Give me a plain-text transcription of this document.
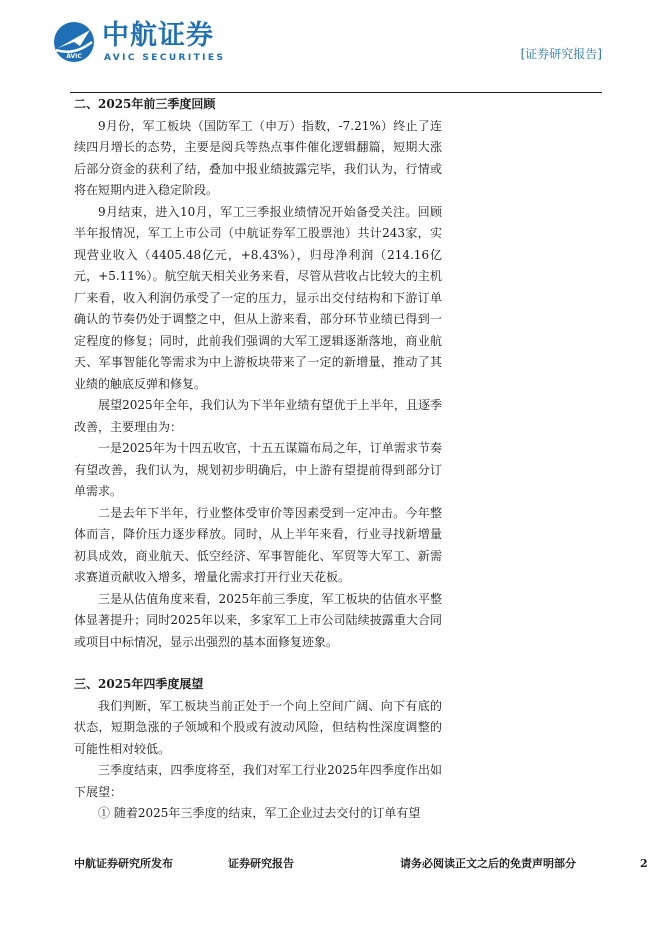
AVIC
中航证券
AVIC SECURITIES	[证券研究报告]
二、2025年前三季度回顾

9月份，军工板块（国防军工（申万）指数，-7.21%）终止了连续四月增长的态势，主要是阅兵等热点事件催化逻辑翻篇，短期大涨后部分资金的获利了结，叠加中报业绩披露完毕，我们认为，行情或将在短期内进入稳定阶段。

9月结束，进入10月，军工三季报业绩情况开始备受关注。回顾半年报情况，军工上市公司（中航证券军工股票池）共计243家，实现营业收入（4405.48亿元，+8.43%），归母净利润（214.16亿元，+5.11%）。航空航天相关业务来看，尽管从营收占比较大的主机厂来看，收入利润仍承受了一定的压力，显示出交付结构和下游订单确认的节奏仍处于调整之中，但从上游来看，部分环节业绩已得到一定程度的修复；同时，此前我们强调的大军工逻辑逐渐落地，商业航天、军事智能化等需求为中上游板块带来了一定的新增量，推动了其业绩的触底反弹和修复。

展望2025年全年，我们认为下半年业绩有望优于上半年，且逐季改善，主要理由为：

一是2025年为十四五收官，十五五谋篇布局之年，订单需求节奏有望改善，我们认为，规划初步明确后，中上游有望提前得到部分订单需求。

二是去年下半年，行业整体受审价等因素受到一定冲击。今年整体而言，降价压力逐步释放。同时，从上半年来看，行业寻找新增量初具成效，商业航天、低空经济、军事智能化、军贸等大军工、新需求赛道贡献收入增多，增量化需求打开行业天花板。

三是从估值角度来看，2025年前三季度，军工板块的估值水平整体显著提升；同时2025年以来，多家军工上市公司陆续披露重大合同或项目中标情况，显示出强烈的基本面修复迹象。

三、2025年四季度展望

我们判断，军工板块当前正处于一个向上空间广阔、向下有底的状态，短期急涨的子领域和个股或有波动风险，但结构性深度调整的可能性相对较低。

三季度结束，四季度将至，我们对军工行业2025年四季度作出如下展望：

① 随着2025年三季度的结束，军工企业过去交付的订单有望

中航证券研究所发布	证券研究报告	请务必阅读正文之后的免责声明部分	2
